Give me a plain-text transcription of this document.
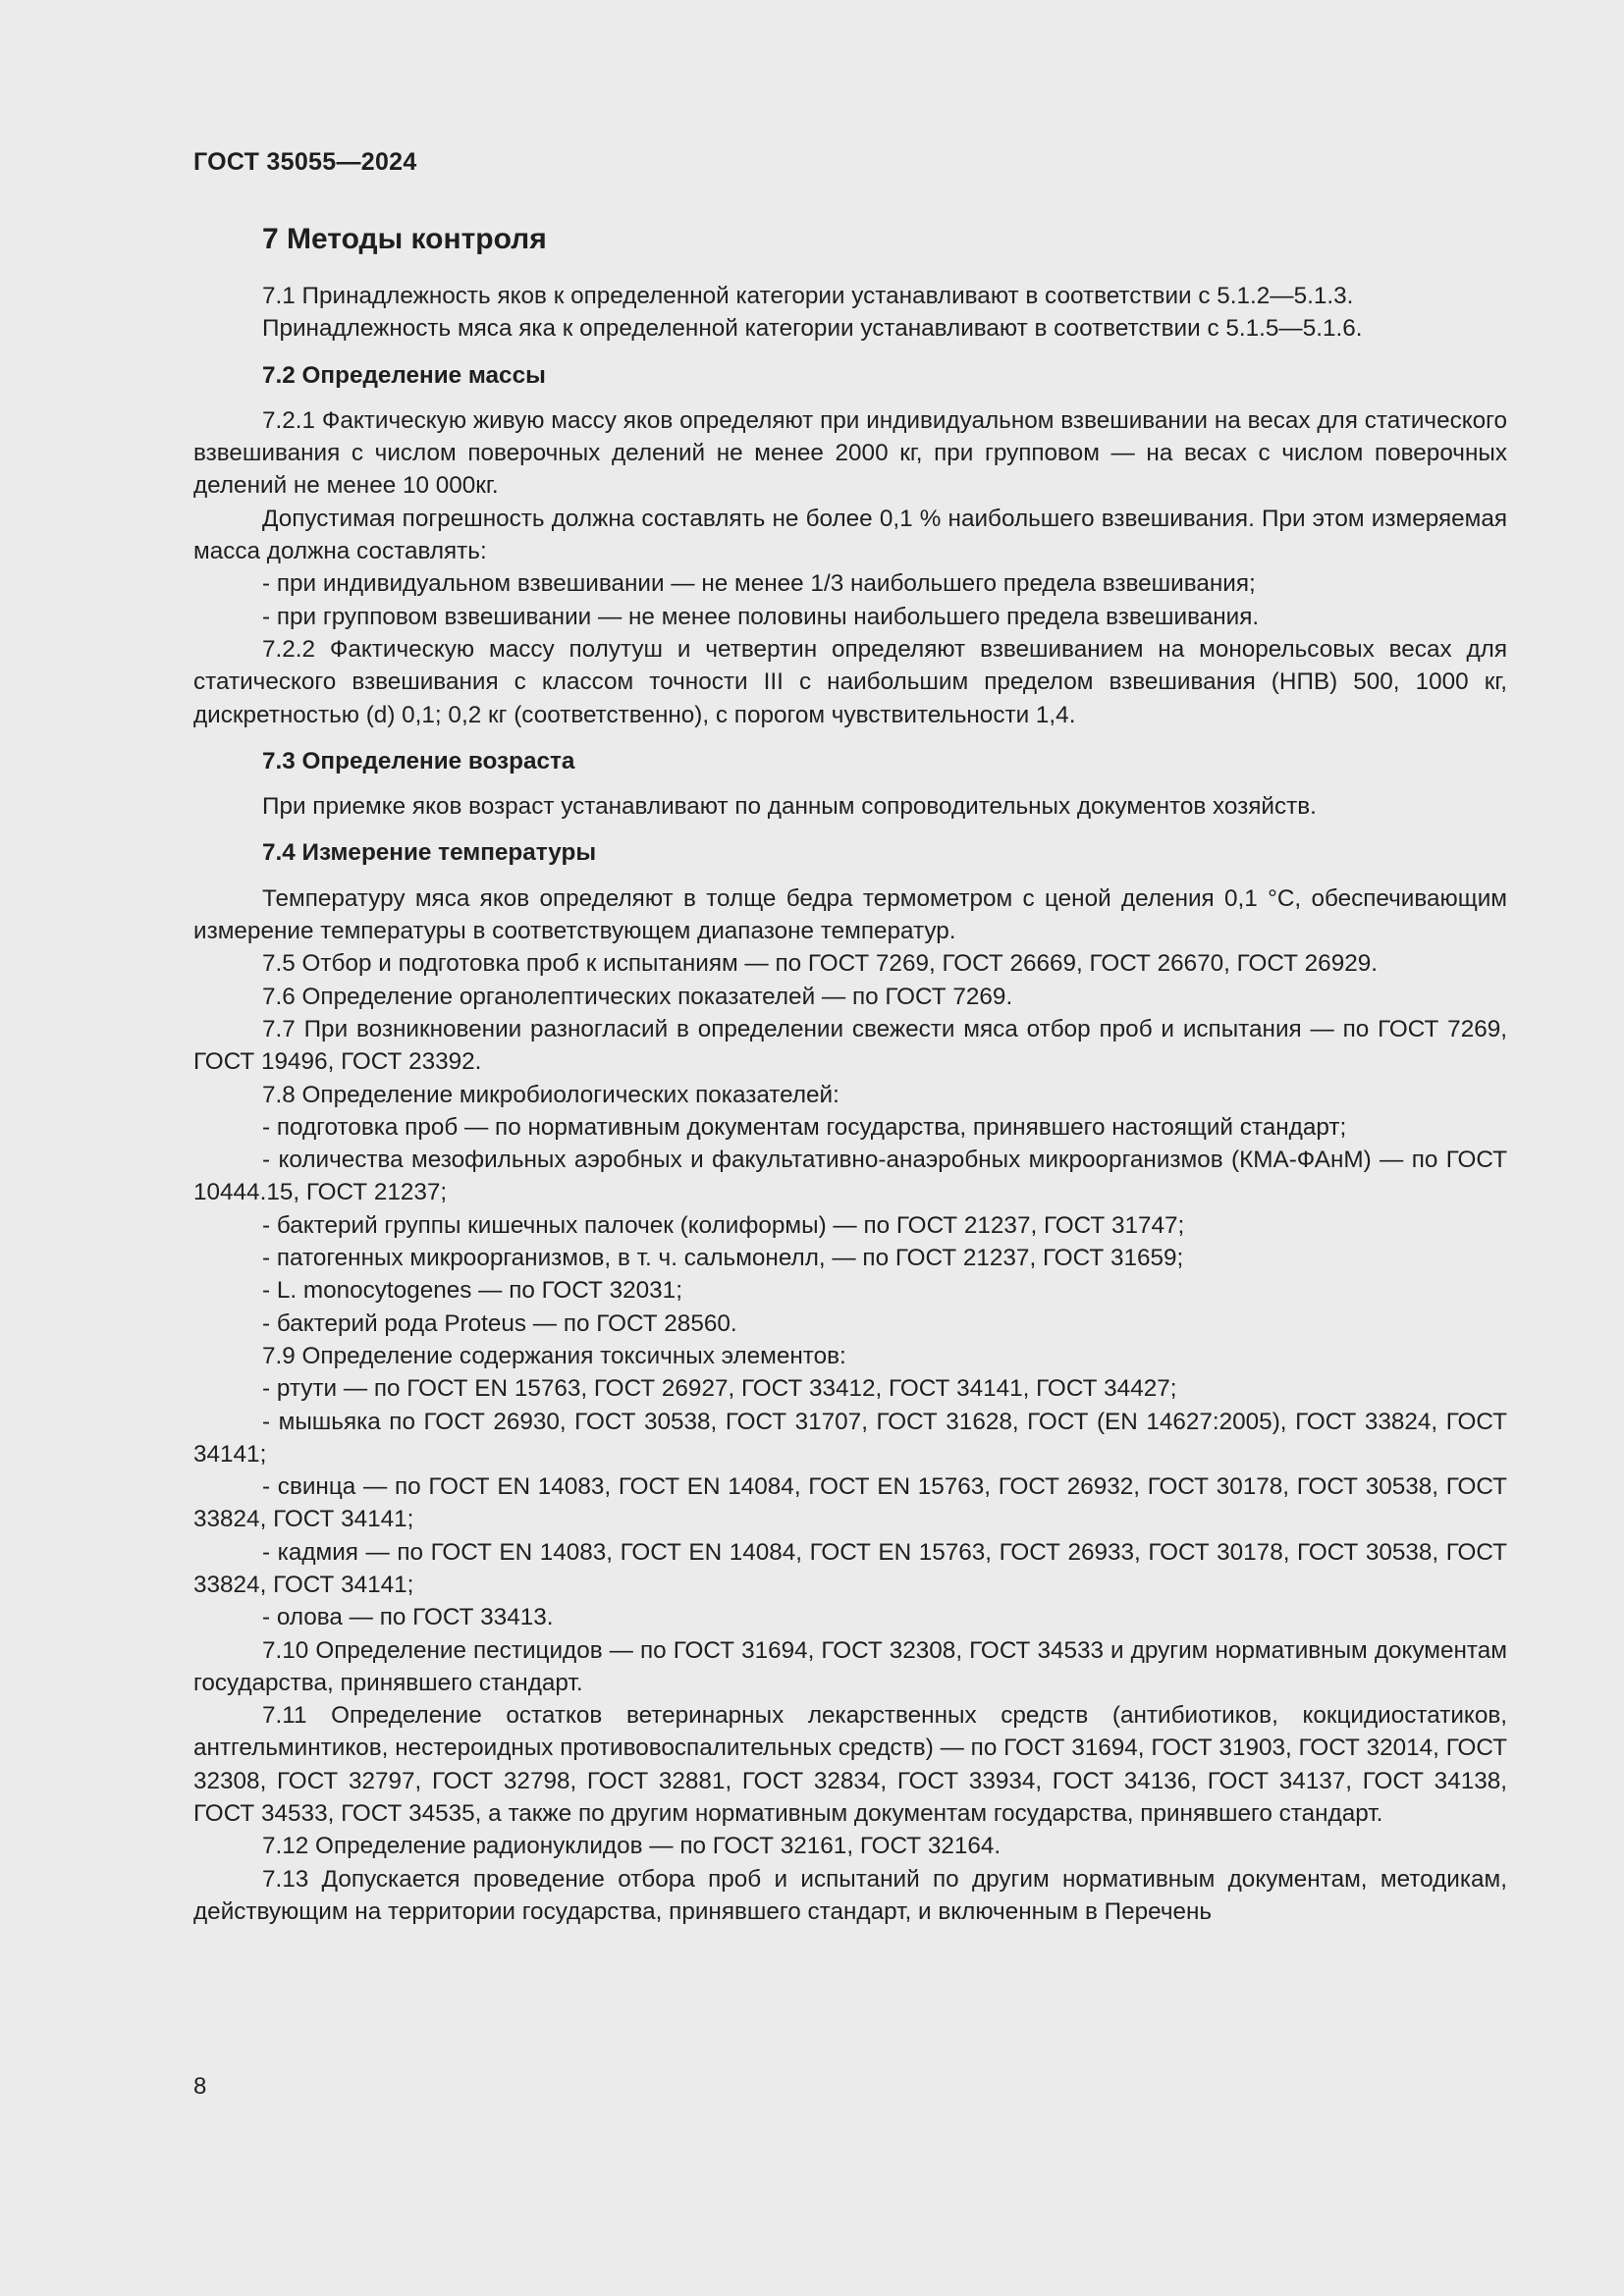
ГОСТ 35055—2024
7 Методы контроля

7.1 Принадлежность яков к определенной категории устанавливают в соответствии с 5.1.2—5.1.3.

Принадлежность мяса яка к определенной категории устанавливают в соответствии с 5.1.5—5.1.6.

7.2 Определение массы

7.2.1 Фактическую живую массу яков определяют при индивидуальном взвешивании на весах для статического взвешивания с числом поверочных делений не менее 2000 кг, при групповом — на весах с числом поверочных делений не менее 10 000кг.

Допустимая погрешность должна составлять не более 0,1 % наибольшего взвешивания. При этом измеряемая масса должна составлять:

- при индивидуальном взвешивании — не менее 1/3 наибольшего предела взвешивания;

- при групповом взвешивании — не менее половины наибольшего предела взвешивания.

7.2.2 Фактическую массу полутуш и четвертин определяют взвешиванием на монорельсовых весах для статического взвешивания с классом точности III с наибольшим пределом взвешивания (НПВ) 500, 1000 кг, дискретностью (d) 0,1; 0,2 кг (соответственно), с порогом чувствительности 1,4.

7.3 Определение возраста

При приемке яков возраст устанавливают по данным сопроводительных документов хозяйств.

7.4 Измерение температуры

Температуру мяса яков определяют в толще бедра термометром с ценой деления 0,1 °С, обеспечивающим измерение температуры в соответствующем диапазоне температур.

7.5 Отбор и подготовка проб к испытаниям — по ГОСТ 7269, ГОСТ 26669, ГОСТ 26670, ГОСТ 26929.

7.6 Определение органолептических показателей — по ГОСТ 7269.

7.7 При возникновении разногласий в определении свежести мяса отбор проб и испытания — по ГОСТ 7269, ГОСТ 19496, ГОСТ 23392.

7.8 Определение микробиологических показателей:

- подготовка проб — по нормативным документам государства, принявшего настоящий стандарт;

- количества мезофильных аэробных и факультативно-анаэробных микроорганизмов (КМА-ФАнМ) — по ГОСТ 10444.15, ГОСТ 21237;

- бактерий группы кишечных палочек (колиформы) — по ГОСТ 21237, ГОСТ 31747;

- патогенных микроорганизмов, в т. ч. сальмонелл, — по ГОСТ 21237, ГОСТ 31659;

- L. monocytogenes — по ГОСТ 32031;

- бактерий рода Proteus — по ГОСТ 28560.

7.9 Определение содержания токсичных элементов:

- ртути — по ГОСТ EN 15763, ГОСТ 26927, ГОСТ 33412, ГОСТ 34141, ГОСТ 34427;

- мышьяка по ГОСТ 26930, ГОСТ 30538, ГОСТ 31707, ГОСТ 31628, ГОСТ (EN 14627:2005), ГОСТ 33824, ГОСТ 34141;

- свинца — по ГОСТ EN 14083, ГОСТ EN 14084, ГОСТ EN 15763, ГОСТ 26932, ГОСТ 30178, ГОСТ 30538, ГОСТ 33824, ГОСТ 34141;

- кадмия — по ГОСТ EN 14083, ГОСТ EN 14084, ГОСТ EN 15763, ГОСТ 26933, ГОСТ 30178, ГОСТ 30538, ГОСТ 33824, ГОСТ 34141;

- олова — по ГОСТ 33413.

7.10 Определение пестицидов — по ГОСТ 31694, ГОСТ 32308, ГОСТ 34533 и другим нормативным документам государства, принявшего стандарт.

7.11 Определение остатков ветеринарных лекарственных средств (антибиотиков, кокцидиостатиков, антгельминтиков, нестероидных противовоспалительных средств) — по ГОСТ 31694, ГОСТ 31903, ГОСТ 32014, ГОСТ 32308, ГОСТ 32797, ГОСТ 32798, ГОСТ 32881, ГОСТ 32834, ГОСТ 33934, ГОСТ 34136, ГОСТ 34137, ГОСТ 34138, ГОСТ 34533, ГОСТ 34535, а также по другим нормативным документам государства, принявшего стандарт.

7.12 Определение радионуклидов — по ГОСТ 32161, ГОСТ 32164.

7.13 Допускается проведение отбора проб и испытаний по другим нормативным документам, методикам, действующим на территории государства, принявшего стандарт, и включенным в Перечень

8
